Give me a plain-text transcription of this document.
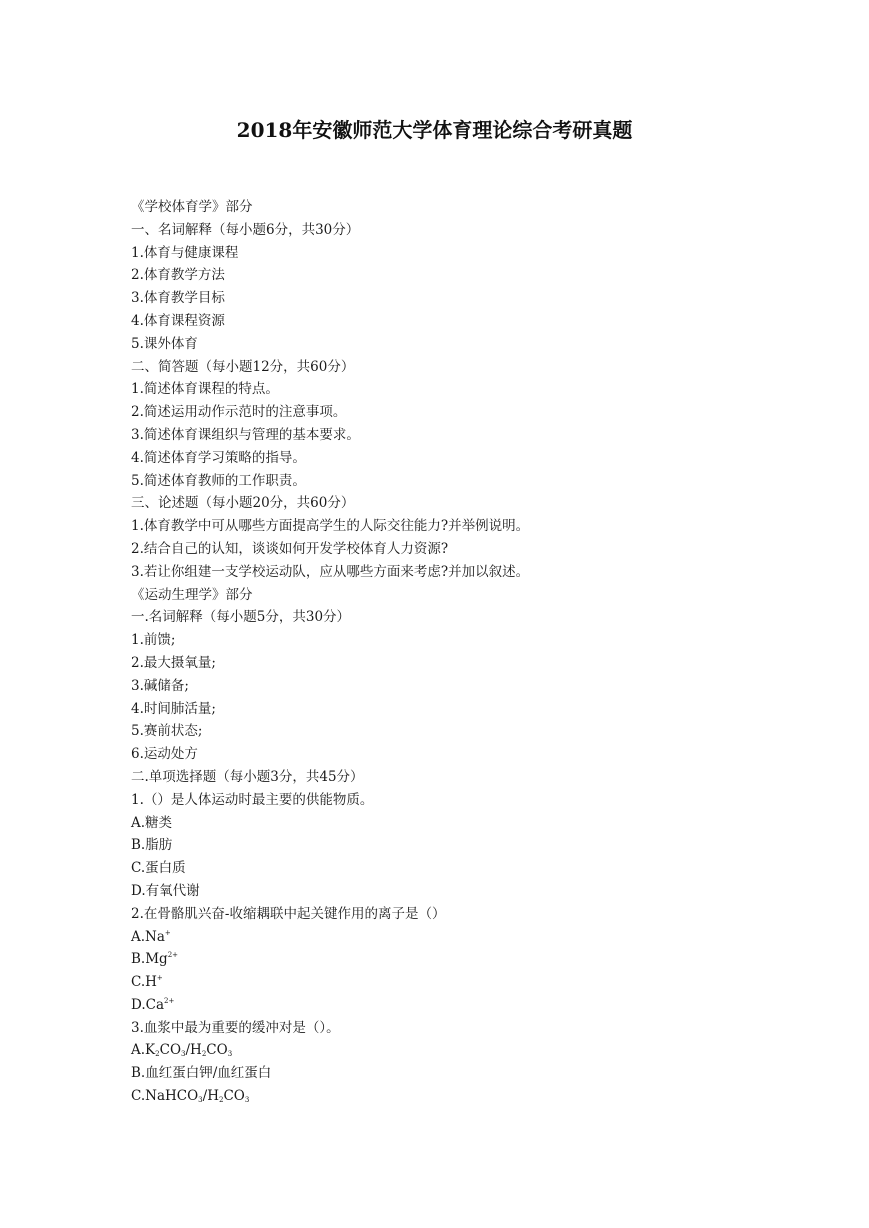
2018年安徽师范大学体育理论综合考研真题
《学校体育学》部分
一、名词解释（每小题6分，共30分）
1.体育与健康课程
2.体育教学方法
3.体育教学目标
4.体育课程资源
5.课外体育
二、简答题（每小题12分，共60分）
1.简述体育课程的特点。
2.简述运用动作示范时的注意事项。
3.简述体育课组织与管理的基本要求。
4.简述体育学习策略的指导。
5.简述体育教师的工作职责。
三、论述题（每小题20分，共60分）
1.体育教学中可从哪些方面提高学生的人际交往能力?并举例说明。
2.结合自己的认知，谈谈如何开发学校体育人力资源?
3.若让你组建一支学校运动队，应从哪些方面来考虑?并加以叙述。
《运动生理学》部分
一.名词解释（每小题5分，共30分）
1.前馈;
2.最大摄氧量;
3.碱储备;
4.时间肺活量;
5.赛前状态;
6.运动处方
二.单项选择题（每小题3分，共45分）
1.（）是人体运动时最主要的供能物质。
A.糖类
B.脂肪
C.蛋白质
D.有氧代谢
2.在骨骼肌兴奋-收缩耦联中起关键作用的离子是（）
A.Na+
$B.Mg^{2+}$
C.H+
$D.Ca^{2+}$
3.血浆中最为重要的缓冲对是（）。
$A.K_2CO_3/H_2CO_3$
B.血红蛋白钾/血红蛋白
$C.NaHCO_3/H_2CO_3$
